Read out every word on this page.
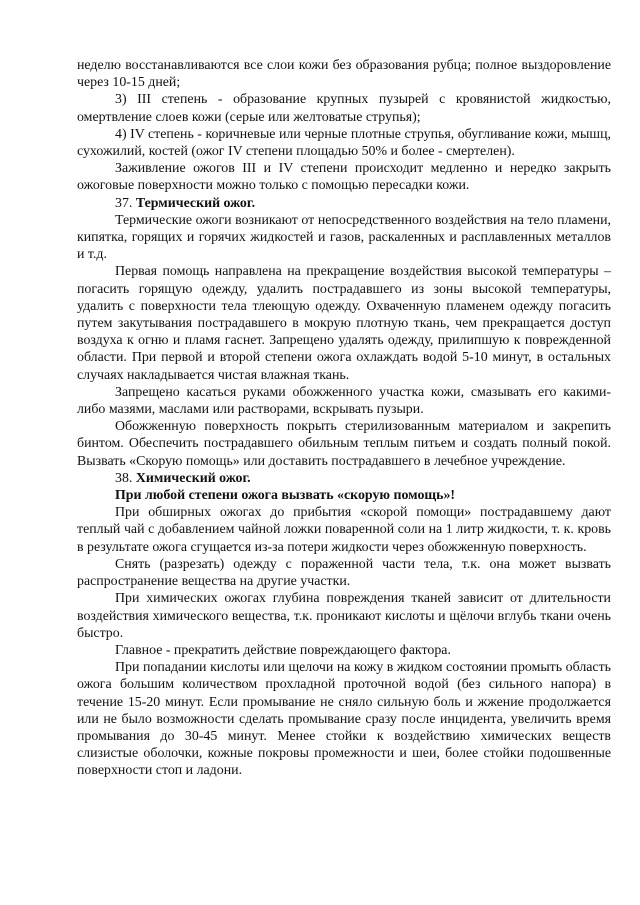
неделю восстанавливаются все слои кожи без образования рубца; полное выздоровление через 10-15 дней;

3) III степень - образование крупных пузырей с кровянистой жидкостью, омертвление слоев кожи (серые или желтоватые струпья);

4) IV степень - коричневые или черные плотные струпья, обугливание кожи, мышц, сухожилий, костей (ожог IV степени площадью 50% и более - смертелен).

Заживление ожогов III и IV степени происходит медленно и нередко закрыть ожоговые поверхности можно только с помощью пересадки кожи.

37. Термический ожог.

Термические ожоги возникают от непосредственного воздействия на тело пламени, кипятка, горящих и горячих жидкостей и газов, раскаленных и расплавленных металлов и т.д.

Первая помощь направлена на прекращение воздействия высокой температуры – погасить горящую одежду, удалить пострадавшего из зоны высокой температуры, удалить с поверхности тела тлеющую одежду. Охваченную пламенем одежду погасить путем закутывания пострадавшего в мокрую плотную ткань, чем прекращается доступ воздуха к огню и пламя гаснет. Запрещено удалять одежду, прилипшую к поврежденной области. При первой и второй степени ожога охлаждать водой 5-10 минут, в остальных случаях накладывается чистая влажная ткань.

Запрещено касаться руками обожженного участка кожи, смазывать его какими-либо мазями, маслами или растворами, вскрывать пузыри.

Обожженную поверхность покрыть стерилизованным материалом и закрепить бинтом. Обеспечить пострадавшего обильным теплым питьем и создать полный покой. Вызвать «Скорую помощь» или доставить пострадавшего в лечебное учреждение.

38. Химический ожог.

При любой степени ожога вызвать «скорую помощь»!

При обширных ожогах до прибытия «скорой помощи» пострадавшему дают теплый чай с добавлением чайной ложки поваренной соли на 1 литр жидкости, т. к. кровь в результате ожога сгущается из-за потери жидкости через обожженную поверхность.

Снять (разрезать) одежду с пораженной части тела, т.к. она может вызвать распространение вещества на другие участки.

При химических ожогах глубина повреждения тканей зависит от длительности воздействия химического вещества, т.к. проникают кислоты и щёлочи вглубь ткани очень быстро.

Главное - прекратить действие повреждающего фактора.

При попадании кислоты или щелочи на кожу в жидком состоянии промыть область ожога большим количеством прохладной проточной водой (без сильного напора) в течение 15-20 минут. Если промывание не сняло сильную боль и жжение продолжается или не было возможности сделать промывание сразу после инцидента, увеличить время промывания до 30-45 минут. Менее стойки к воздействию химических веществ слизистые оболочки, кожные покровы промежности и шеи, более стойки подошвенные поверхности стоп и ладони.
